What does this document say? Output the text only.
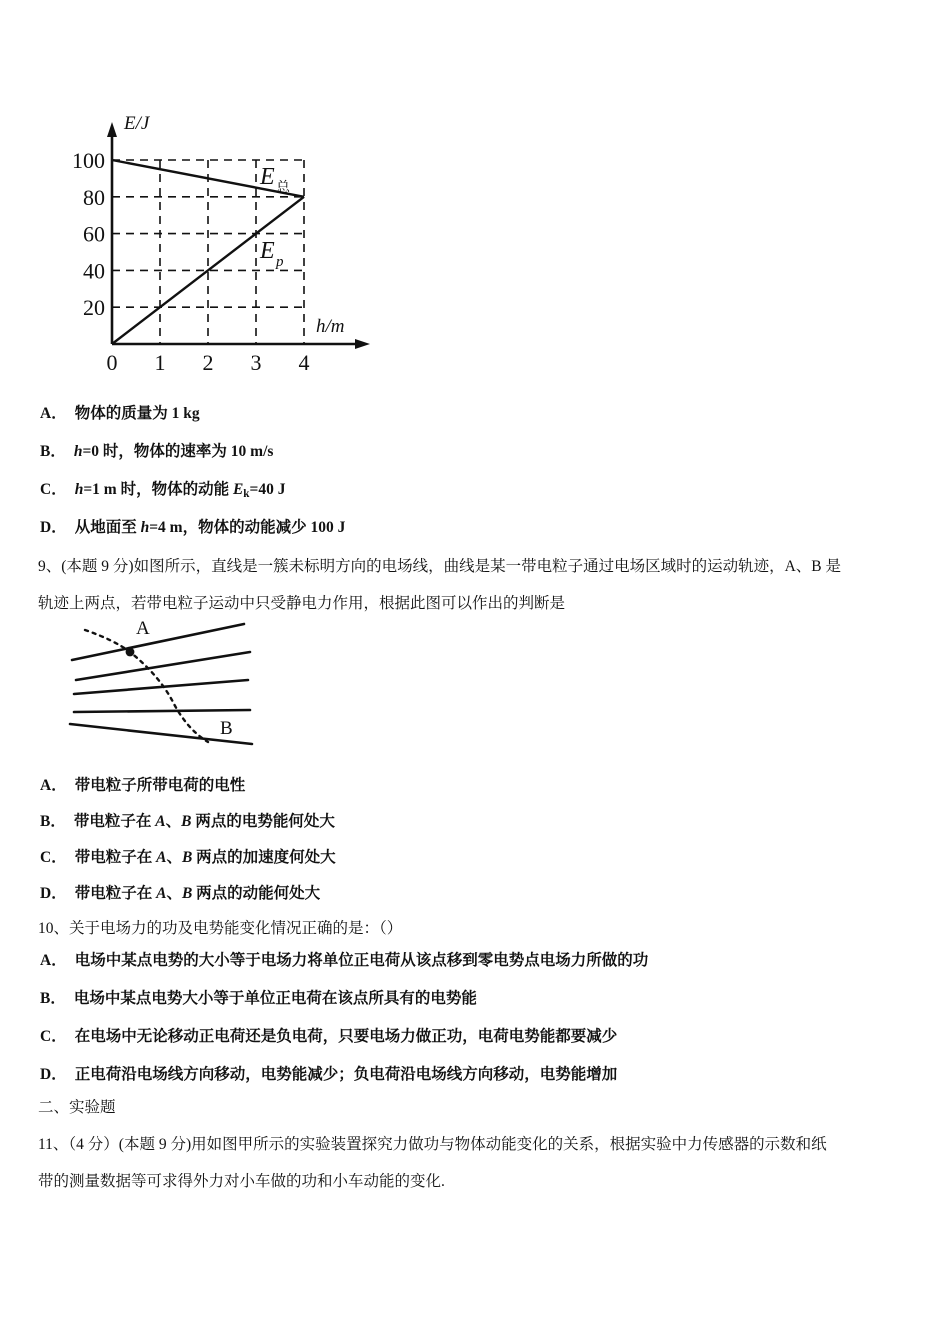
100
80
60
40
20
0 1 2 3 4
E/J
h/m
E 总
E p
A． 物体的质量为 1 kg
B． h=0 时，物体的速率为 10 m/s
C． h=1 m 时，物体的动能 $E_k=40$ J
D． 从地面至 h=4 m，物体的动能减少 100 J
9、(本题 9 分)如图所示，直线是一簇未标明方向的电场线，曲线是某一带电粒子通过电场区域时的运动轨迹，A、B 是
轨迹上两点，若带电粒子运动中只受静电力作用，根据此图可以作出的判断是
A
B
A． 带电粒子所带电荷的电性
B． 带电粒子在 A、B 两点的电势能何处大
C． 带电粒子在 A、B 两点的加速度何处大
D． 带电粒子在 A、B 两点的动能何处大
10、关于电场力的功及电势能变化情况正确的是：（）
A． 电场中某点电势的大小等于电场力将单位正电荷从该点移到零电势点电场力所做的功
B． 电场中某点电势大小等于单位正电荷在该点所具有的电势能
C． 在电场中无论移动正电荷还是负电荷，只要电场力做正功，电荷电势能都要减少
D． 正电荷沿电场线方向移动，电势能减少；负电荷沿电场线方向移动，电势能增加
二、实验题
11、（4 分）(本题 9 分)用如图甲所示的实验装置探究力做功与物体动能变化的关系，根据实验中力传感器的示数和纸
带的测量数据等可求得外力对小车做的功和小车动能的变化.
